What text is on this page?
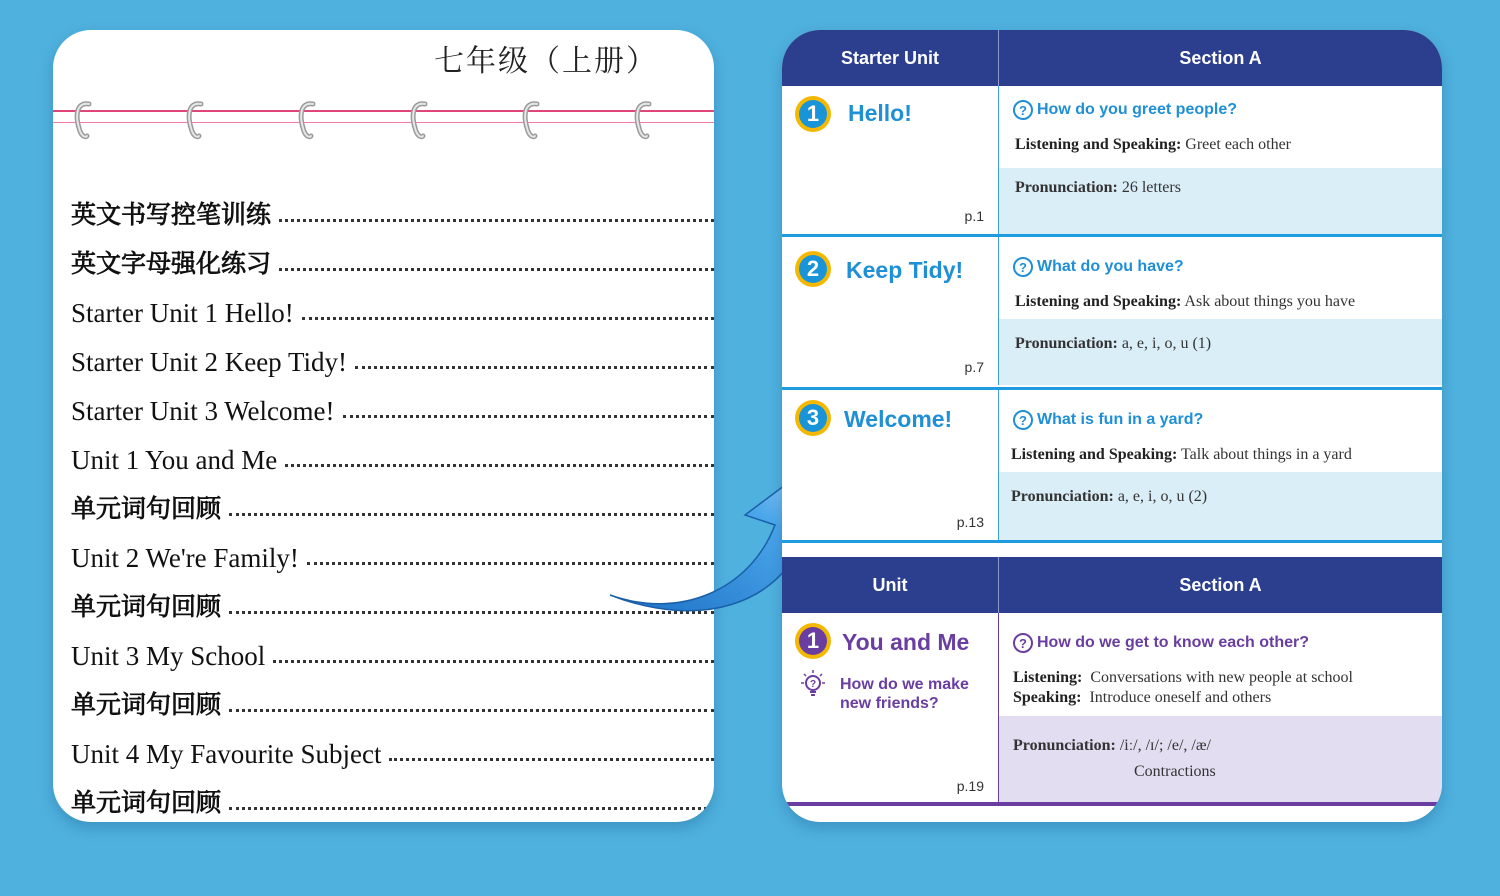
七年级（上册）
英文书写控笔训练
英文字母强化练习
Starter Unit 1 Hello!
Starter Unit 2 Keep Tidy!
Starter Unit 3 Welcome!
Unit 1 You and Me
单元词句回顾
Unit 2 We're Family!
单元词句回顾
Unit 3 My School
单元词句回顾
Unit 4 My Favourite Subject
单元词句回顾
Starter Unit	Section A
1	Hello!
p.1
? How do you greet people?
Listening and Speaking: Greet each other
Pronunciation: 26 letters
2	Keep Tidy!
p.7
? What do you have?
Listening and Speaking: Ask about things you have
Pronunciation: a, e, i, o, u (1)
3	Welcome!
p.13
? What is fun in a yard?
Listening and Speaking: Talk about things in a yard
Pronunciation: a, e, i, o, u (2)
Unit	Section A
1 You and Me
? How do we make new friends?
p.19
? How do we get to know each other?
Listening: Conversations with new people at school
Speaking: Introduce oneself and others
Pronunciation: /iː/, /ɪ/; /e/, /æ/
Contractions
